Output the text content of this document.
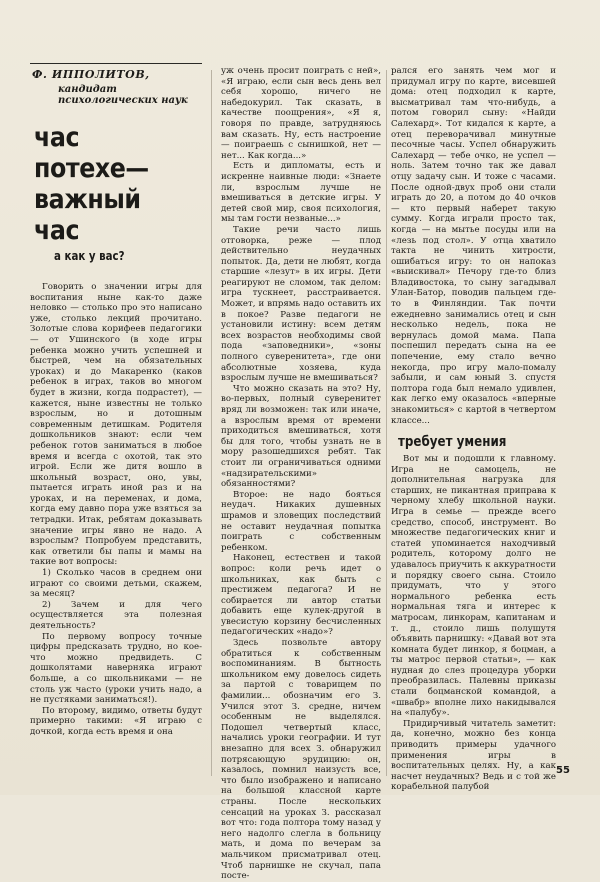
Ф. ИППОЛИТОВ,
кандидат психологических наук
час
потехе—
важный
час
а как у вас?

Говорить о значении игры для воспитания ныне как-то даже неловко — столько про это написано уже, столько лекций прочитано. Золотые слова корифеев педагогики — от Ушинского (в ходе игры ребенка можно учить успешней и быстрей, чем на обязательных уроках) и до Макаренко (каков ребенок в играх, таков во многом будет в жизни, когда подрастет), — кажется, ныне известны не только взрослым, но и дотошным современным детишкам. Родителя дошкольников знают: если чем ребенок готов заниматься в любое время и всегда с охотой, так это игрой. Если же дитя вошло в школьный возраст, оно, увы, пытается играть иной раз и на уроках, и на переменах, и дома, когда ему давно пора уже взяться за тетрадки. Итак, ребятам доказывать значение игры явно не надо. А взрослым? Попробуем представить, как ответили бы папы и мамы на такие вот вопросы:

1) Сколько часов в среднем они играют со своими детьми, скажем, за месяц?

2) Зачем и для чего осуществляется эта полезная деятельность?

По первому вопросу точные цифры предсказать трудно, но кое-что можно предвидеть. С дошколятами наверняка играют больше, а со школьниками — не столь уж часто (уроки учить надо, а не пустяками заниматься!).

По второму, видимо, ответы будут примерно такими: «Я играю с дочкой, когда есть время и она

уж очень просит поиграть с ней», «Я играю, если сын весь день вел себя хорошо, ничего не набедокурил. Так сказать, в качестве поощрения», «Я я, говоря по правде, затрудняюсь вам сказать. Ну, есть настроение — поиграешь с сынишкой, нет — нет... Как когда...»

Есть и дипломаты, есть и искренне наивные люди: «Знаете ли, взрослым лучше не вмешиваться в детские игры. У детей свой мир, своя психология, мы там гости незваные...»

Такие речи часто лишь отговорка, реже — плод действительно неудачных попыток. Да, дети не любят, когда старшие «лезут» в их игры. Дети реагируют не сломом, так делом: игра тускнеет, расстраивается. Может, и впрямь надо оставить их в покое? Разве педагоги не установили истину: всем детям всех возрастов необходимы свой пода «заповедники», «зоны полного суверенитета», где они абсолютные хозяева, куда взрослым лучше не вмешиваться?

Что можно сказать на это? Ну, во-первых, полный суверенитет вряд ли возможен: так или иначе, а взрослым время от времени приходиться вмешиваться, хотя бы для того, чтобы узнать не в мору разошедшихся ребят. Так стоит ли ограничиваться одними «надзирательскими» обязанностями?

Второе: не надо бояться неудач. Никаких душевных шрамов и зловещих последствий не оставит неудачная попытка поиграть с собственным ребенком.

Наконец, естествен и такой вопрос: коли речь идет о школьниках, как быть с престижем педагога? И не собирается ли автор статьи добавить еще кулек-другой в увесистую корзину бесчисленных педагогических «надо»?

Здесь позвольте автору обратиться к собственным воспоминаниям. В бытность школьником ему довелось сидеть за партой с товарищем по фамилии... обозначим его З. Учился этот З. средне, ничем особенным не выделялся. Подошел четвертый класс, начались уроки географии. И тут внезапно для всех З. обнаружил потрясающую эрудицию: он, казалось, помнил наизусть все, что было изображено и написано на большой классной карте страны. После нескольких сенсаций на уроках З. рассказал вот что: года полтора тому назад у него надолго слегла в больницу мать, и дома по вечерам за мальчиком присматривал отец. Чтоб парнишке не скучал, папа посте-

рался его занять чем мог и придумал игру по карте, висевшей дома: отец подходил к карте, высматривал там что-нибудь, а потом говорил сыну: «Найди Салехард». Тот кидался к карте, а отец переворачивал минутные песочные часы. Успел обнаружить Салехард — тебе очко, не успел — ноль. Затем точно так же давал отцу задачу сын. И тоже с часами. После одной-двух проб они стали играть до 20, а потом до 40 очков — кто первый наберет такую сумму. Когда играли просто так, когда — на мытье посуды или на «лезь под стол». У отца хватило такта не чинить хитрости, ошибаться игру: то он напоказ «выискивал» Печору где-то близ Владивостока, то сыну загадывал Улан-Батор, поводив пальцем где-то в Финляндии. Так почти ежедневно занимались отец и сын несколько недель, пока не вернулась домой мама. Папа поспешил передать сына на ее попечение, ему стало вечно некогда, про игру мало-помалу забыли, и сам юный З. спустя полтора года был немало удивлен, как легко ему оказалось «вперные знакомиться» с картой в четвертом классе...

требует умения

Вот мы и подошли к главному. Игра не самоцель, не дополнительная нагрузка для старших, не пикантная приправа к черному хлебу школьной науки. Игра в семье — прежде всего средство, способ, инструмент. Во множестве педагогических книг и статей упоминается находчивый родитель, которому долго не удавалось приучить к аккуратности и порядку своего сына. Стоило придумать, что у этого нормального ребенка есть нормальная тяга и интерес к матросам, линкорам, капитанам и т. д., стоило лишь полушутя объявить парнишку: «Давай вот эта комната будет линкор, я боцман, а ты матрос первой статьи», — как нудная до слез процедура уборки преобразилась. Палевны приказы стали боцманской командой, а «швабр» вполне лихо накидывался на «палубу».

Придирчивый читатель заметит: да, конечно, можно без конца приводить примеры удачного применения игры в воспитательных целях. Ну, а как насчет неудачных? Ведь и с той же корабельной палубой

55
